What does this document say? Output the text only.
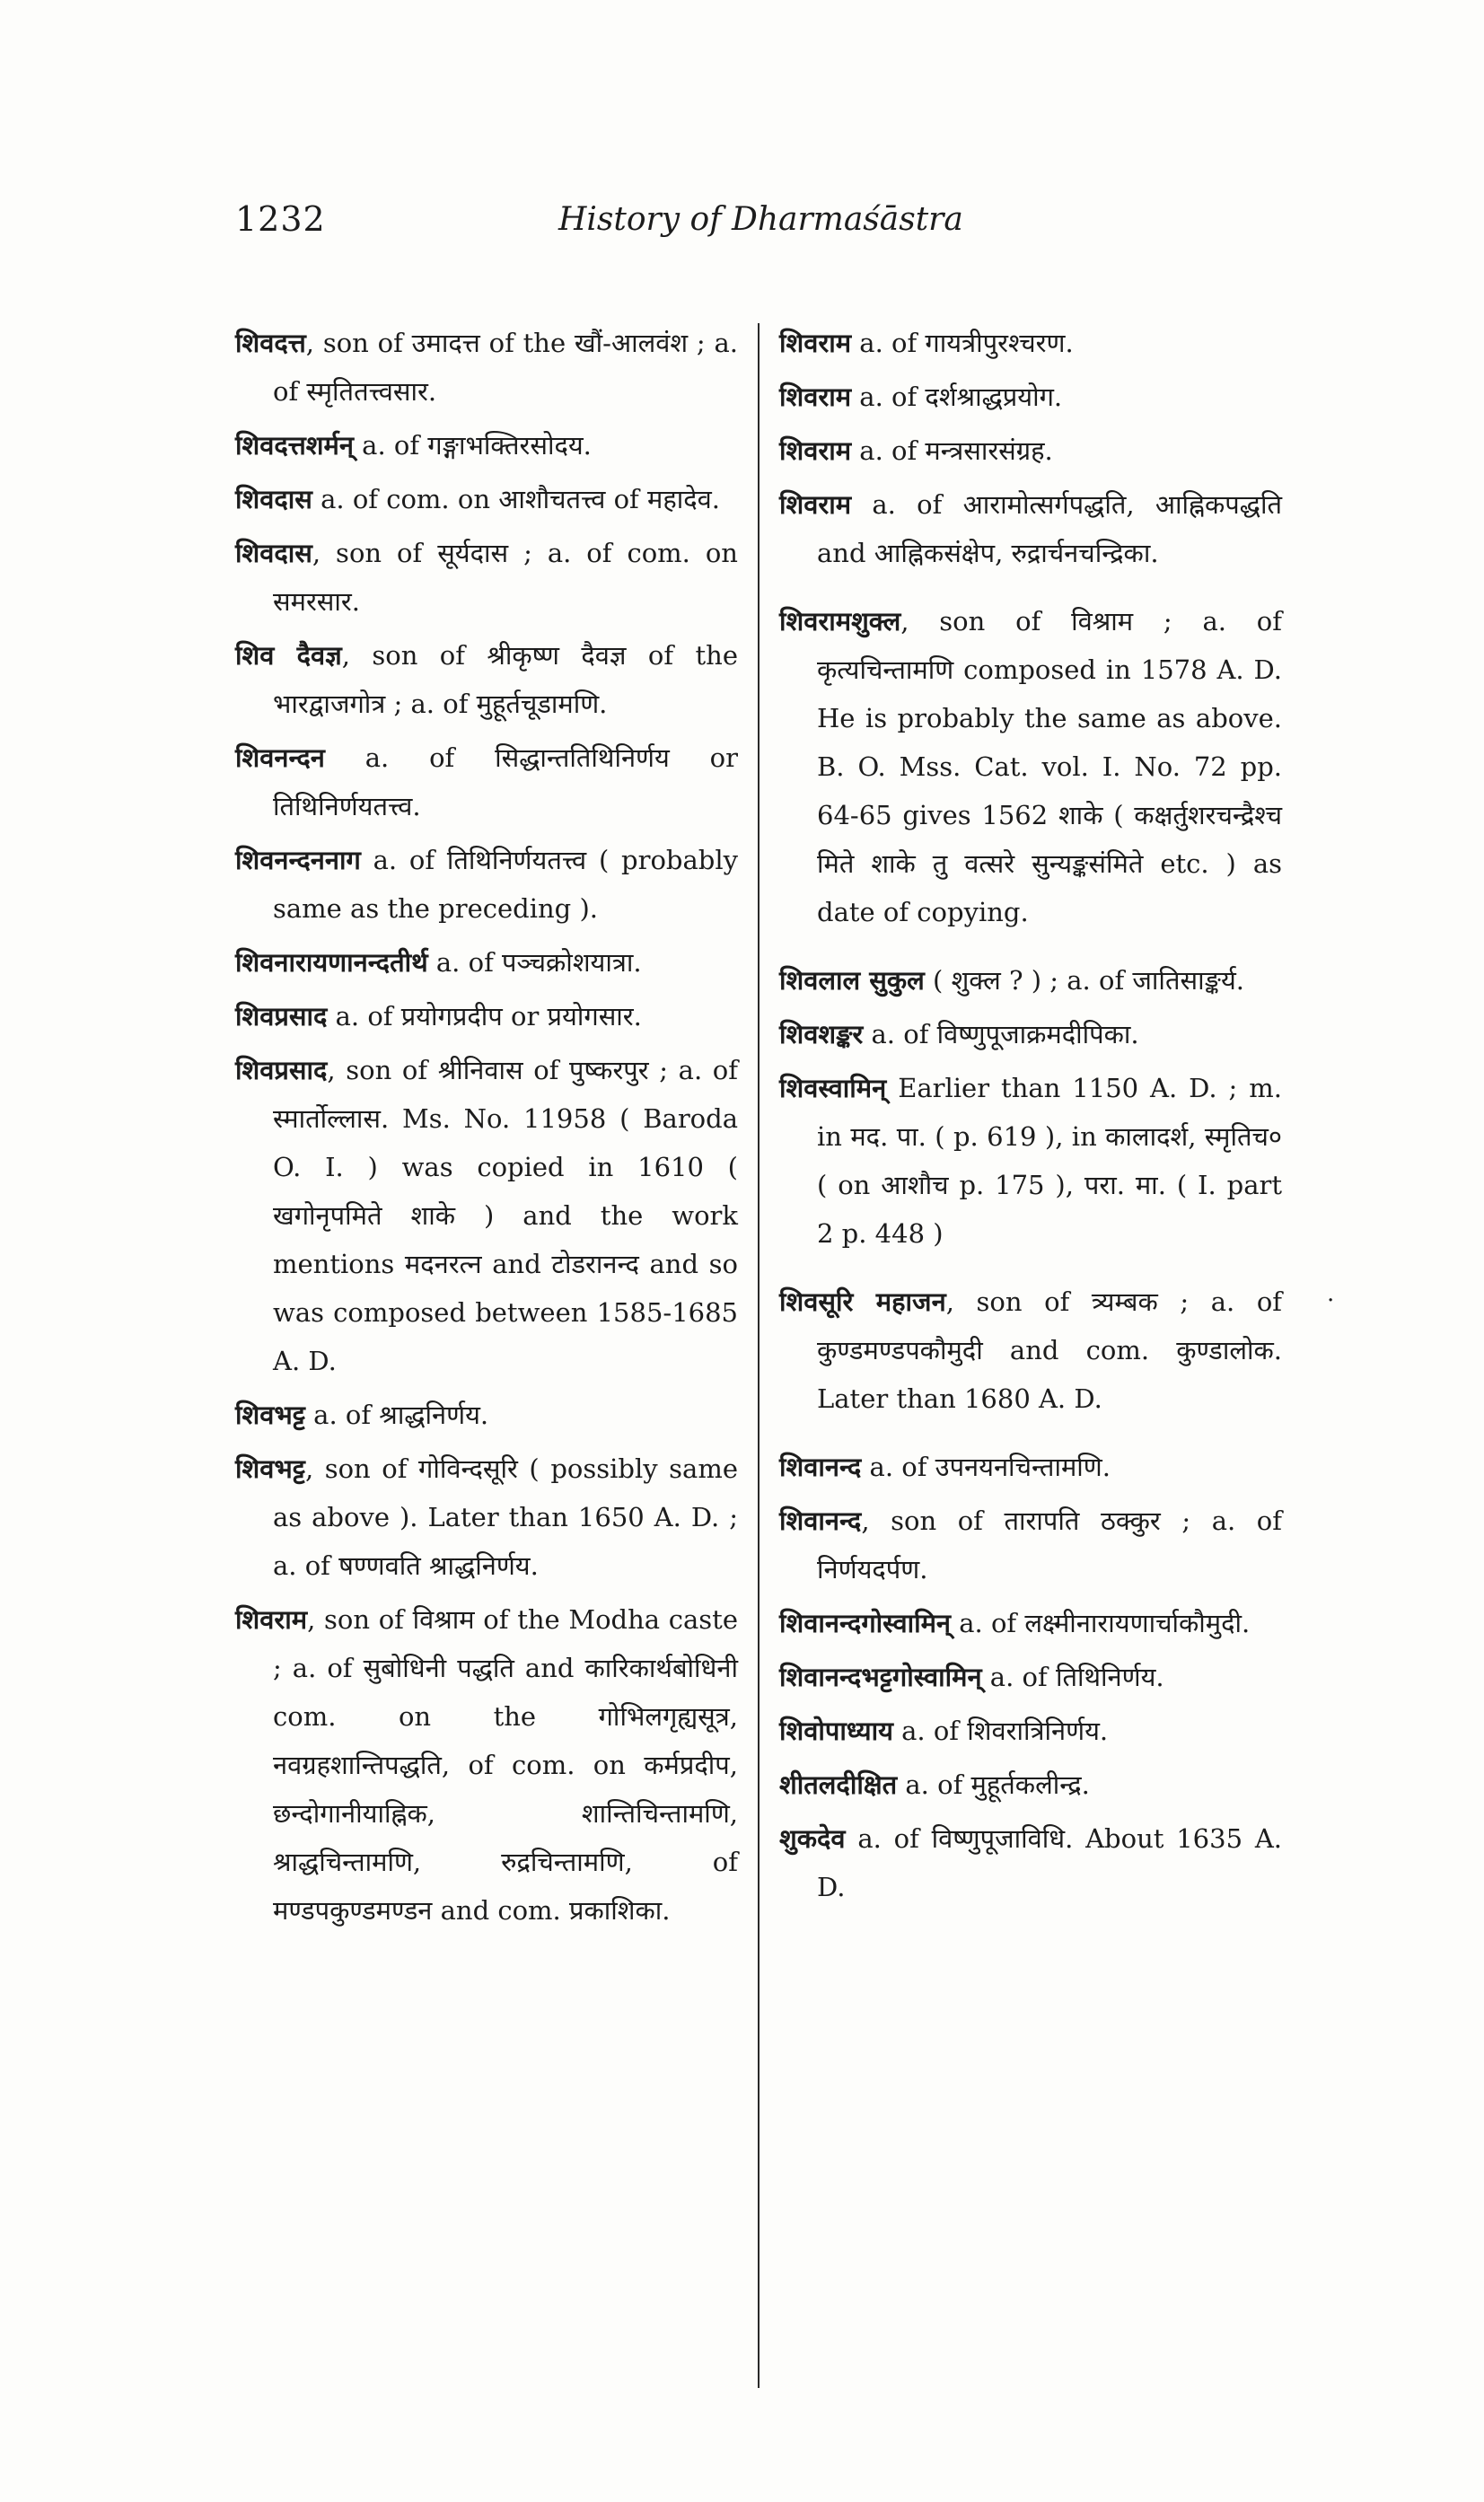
1232	History of Dharmaśāstra

शिवदत्त, son of उमादत्त of the खौं-आलवंश ; a. of स्मृतितत्त्वसार.

शिवदत्तशर्मन् a. of गङ्गाभक्तिरसोदय.

शिवदास a. of com. on आशौचतत्त्व of महादेव.

शिवदास, son of सूर्यदास ; a. of com. on समरसार.

शिव दैवज्ञ, son of श्रीकृष्ण दैवज्ञ of the भारद्वाजगोत्र ; a. of मुहूर्तचूडामणि.

शिवनन्दन a. of सिद्धान्ततिथिनिर्णय or तिथिनिर्णयतत्त्व.

शिवनन्दननाग a. of तिथिनिर्णयतत्त्व ( probably same as the preceding ).

शिवनारायणानन्दतीर्थ a. of पञ्चक्रोशयात्रा.

शिवप्रसाद a. of प्रयोगप्रदीप or प्रयोगसार.

शिवप्रसाद, son of श्रीनिवास of पुष्करपुर ; a. of स्मार्तोल्लास. Ms. No. 11958 ( Baroda O. I. ) was copied in 1610 ( खगोनृपमिते शाके ) and the work mentions मदनरत्न and टोडरानन्द and so was composed between 1585-1685 A. D.

शिवभट्ट a. of श्राद्धनिर्णय.

शिवभट्ट, son of गोविन्दसूरि ( possibly same as above ). Later than 1650 A. D. ; a. of षण्णवति श्राद्धनिर्णय.

शिवराम, son of विश्राम of the Modha caste ; a. of सुबोधिनी पद्धति and कारिकार्थबोधिनी com. on the गोभिलगृह्यसूत्र, नवग्रहशान्तिपद्धति, of com. on कर्मप्रदीप, छन्दोगानीयाह्निक, शान्तिचिन्तामणि, श्राद्धचिन्तामणि, रुद्रचिन्तामणि, of मण्डपकुण्डमण्डन and com. प्रकाशिका.

शिवराम a. of गायत्रीपुरश्चरण.

शिवराम a. of दर्शश्राद्धप्रयोग.

शिवराम a. of मन्त्रसारसंग्रह.

शिवराम a. of आरामोत्सर्गपद्धति, आह्निकपद्धति and आह्निकसंक्षेप, रुद्रार्चनचन्द्रिका.

शिवरामशुक्ल, son of विश्राम ; a. of कृत्यचिन्तामणि composed in 1578 A. D. He is probably the same as above. B. O. Mss. Cat. vol. I. No. 72 pp. 64-65 gives 1562 शाके ( कक्षर्तुशरचन्द्रैश्च मिते शाके तु वत्सरे सुन्यङ्कसंमिते etc. ) as date of copying.

शिवलाल सुकुल ( शुक्ल ? ) ; a. of जातिसाङ्कर्य.

शिवशङ्कर a. of विष्णुपूजाक्रमदीपिका.

शिवस्वामिन् Earlier than 1150 A. D. ; m. in मद. पा. ( p. 619 ), in कालादर्श, स्मृतिच० ( on आशौच p. 175 ), परा. मा. ( I. part 2 p. 448 )

शिवसूरि महाजन, son of त्र्यम्बक ; a. of कुण्डमण्डपकौमुदी and com. कुण्डालोक. Later than 1680 A. D.

शिवानन्द a. of उपनयनचिन्तामणि.

शिवानन्द, son of तारापति ठक्कुर ; a. of निर्णयदर्पण.

शिवानन्दगोस्वामिन् a. of लक्ष्मीनारायणार्चाकौमुदी.

शिवानन्दभट्टगोस्वामिन् a. of तिथिनिर्णय.

शिवोपाध्याय a. of शिवरात्रिनिर्णय.

शीतलदीक्षित a. of मुहूर्तकलीन्द्र.

शुकदेव a. of विष्णुपूजाविधि. About 1635 A. D.

.
